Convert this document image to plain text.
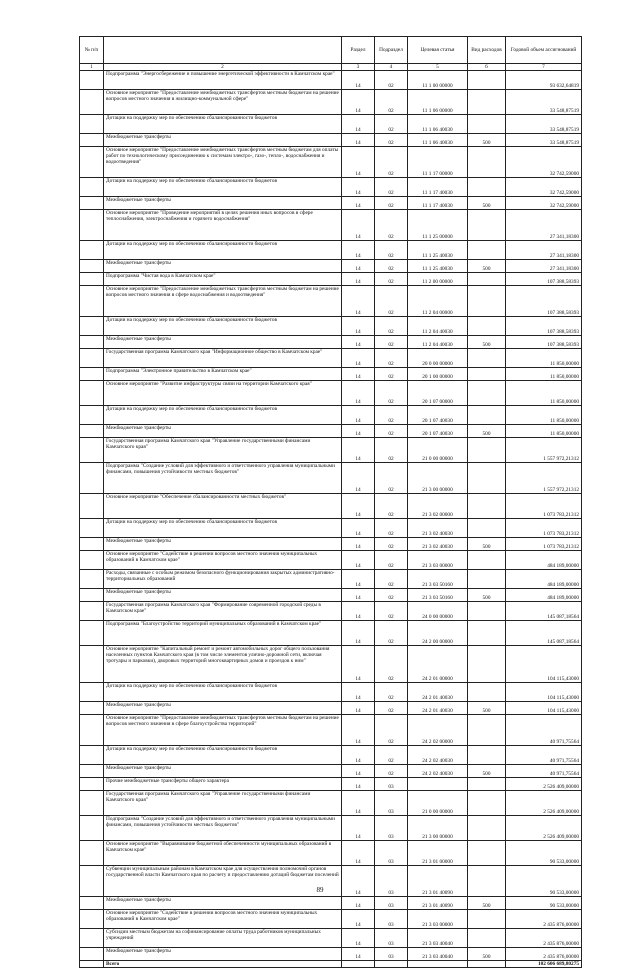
№ п/п		Раздел	Подраздел	Целевая статья	Вид расходов	Годовой объем ассигнований
1	2	3	4	5	6	7
	Подпрограмма "Энергосбережение и повышение энергетической эффективности в Камчатском крае"	14	02	11 1 00 00000		93 632,64819
	Основное мероприятие "Предоставление межбюджетных трансфертов местным бюджетам на решение вопросов местного значения в жилищно-коммунальной сфере"	14	02	11 1 06 00000		33 548,87519
	Дотации на поддержку мер по обеспечению сбалансированности бюджетов	14	02	11 1 06 40030		33 548,87519
	Межбюджетные трансферты	14	02	11 1 06 40030	500	33 548,87519
	Основное мероприятие "Предоставление межбюджетных трансфертов местным бюджетам для оплаты работ по технологическому присоединению к системам электро-, газо-, тепло-, водоснабжения и водоотведения"	14	02	11 1 17 00000		32 742,59000
	Дотации на поддержку мер по обеспечению сбалансированности бюджетов	14	02	11 1 17 40030		32 742,59000
	Межбюджетные трансферты	14	02	11 1 17 40030	500	32 742,59000
	Основное мероприятие "Проведение мероприятий в целях решения иных вопросов в сфере теплоснабжения, электроснабжения и горячего водоснабжения"	14	02	11 1 25 00000		27 341,18300
	Дотации на поддержку мер по обеспечению сбалансированности бюджетов	14	02	11 1 25 40030		27 341,18300
	Межбюджетные трансферты	14	02	11 1 25 40030	500	27 341,18300
	Подпрограмма "Чистая вода в Камчатском крае"	14	02	11 2 00 00000		107 388,58393
	Основное мероприятие "Предоставление межбюджетных трансфертов местным бюджетам на решение вопросов местного значения в сфере водоснабжения и водоотведения"	14	02	11 2 04 00000		107 388,58393
	Дотации на поддержку мер по обеспечению сбалансированности бюджетов	14	02	11 2 04 40030		107 388,58393
	Межбюджетные трансферты	14	02	11 2 04 40030	500	107 388,58393
	Государственная программа Камчатского края "Информационное общество в Камчатском крае"	14	02	20 0 00 00000		11 850,00000
	Подпрограмма "Электронное правительство в Камчатском крае"	14	02	20 1 00 00000		11 850,00000
	Основное мероприятие "Развитие инфраструктуры связи на территории Камчатского края"	14	02	20 1 07 00000		11 850,00000
	Дотации на поддержку мер по обеспечению сбалансированности бюджетов	14	02	20 1 07 40030		11 850,00000
	Межбюджетные трансферты	14	02	20 1 07 40030	500	11 850,00000
	Государственная программа Камчатского края "Управление государственными финансами Камчатского края"	14	02	21 0 00 00000		1 557 972,21312
	Подпрограмма "Создание условий для эффективного и ответственного управления муниципальными финансами, повышения устойчивости местных бюджетов"	14	02	21 3 00 00000		1 557 972,21312
	Основное мероприятие "Обеспечение сбалансированности местных бюджетов"	14	02	21 3 02 00000		1 073 783,21312
	Дотации на поддержку мер по обеспечению сбалансированности бюджетов	14	02	21 3 02 40030		1 073 783,21312
	Межбюджетные трансферты	14	02	21 3 02 40030	500	1 073 783,21312
	Основное мероприятие "Содействие в решении вопросов местного значения муниципальных образований в Камчатском крае"	14	02	21 3 03 00000		484 189,00000
	Расходы, связанные с особым режимом безопасного функционирования закрытых административно-территориальных образований	14	02	21 3 03 50160		484 189,00000
	Межбюджетные трансферты	14	02	21 3 03 50160	500	484 189,00000
	Государственная программа Камчатского края "Формирование современной городской среды в Камчатском крае"	14	02	24 0 00 00000		145 087,18564
	Подпрограмма "Благоустройство территорий муниципальных образований в Камчатском крае"	14	02	24 2 00 00000		145 087,18564
	Основное мероприятие "Капитальный ремонт и ремонт автомобильных дорог общего пользования населенных пунктов Камчатского края (в том числе элементов улично-дорожной сети, включая тротуары и парковки), дворовых территорий многоквартирных домов и проездов к ним"	14	02	24 2 01 00000		104 115,43000
	Дотации на поддержку мер по обеспечению сбалансированности бюджетов	14	02	24 2 01 40030		104 115,43000
	Межбюджетные трансферты	14	02	24 2 01 40030	500	104 115,43000
	Основное мероприятие "Предоставление межбюджетных трансфертов местным бюджетам на решение вопросов местного значения в сфере благоустройства территорий"	14	02	24 2 02 00000		40 971,75564
	Дотации на поддержку мер по обеспечению сбалансированности бюджетов	14	02	24 2 02 40030		40 971,75564
	Межбюджетные трансферты	14	02	24 2 02 40030	500	40 971,75564
	Прочие межбюджетные трансферты общего характера	14	03			2 526 409,00000
	Государственная программа Камчатского края "Управление государственными финансами Камчатского края"	14	03	21 0 00 00000		2 526 409,00000
	Подпрограмма "Создание условий для эффективного и ответственного управления муниципальными финансами, повышения устойчивости местных бюджетов"	14	03	21 3 00 00000		2 526 409,00000
	Основное мероприятие "Выравнивание бюджетной обеспеченности муниципальных образований в Камчатском крае"	14	03	21 3 01 00000		90 533,00000
	Субвенции муниципальным районам в Камчатском крае для осуществления полномочий органов государственной власти Камчатского края по расчету и предоставлению дотаций бюджетам поселений	14	03	21 3 01 40090		90 533,00000
	Межбюджетные трансферты	14	03	21 3 01 40090	500	90 533,00000
	Основное мероприятие "Содействие в решении вопросов местного значения муниципальных образований в Камчатском крае"	14	03	21 3 03 00000		2 435 876,00000
	Субсидии местным бюджетам на софинансирование оплаты труда работников муниципальных учреждений	14	03	21 3 03 40040		2 435 876,00000
	Межбюджетные трансферты	14	03	21 3 03 40040	500	2 435 876,00000
	Всего					102 606 689,80275
89
